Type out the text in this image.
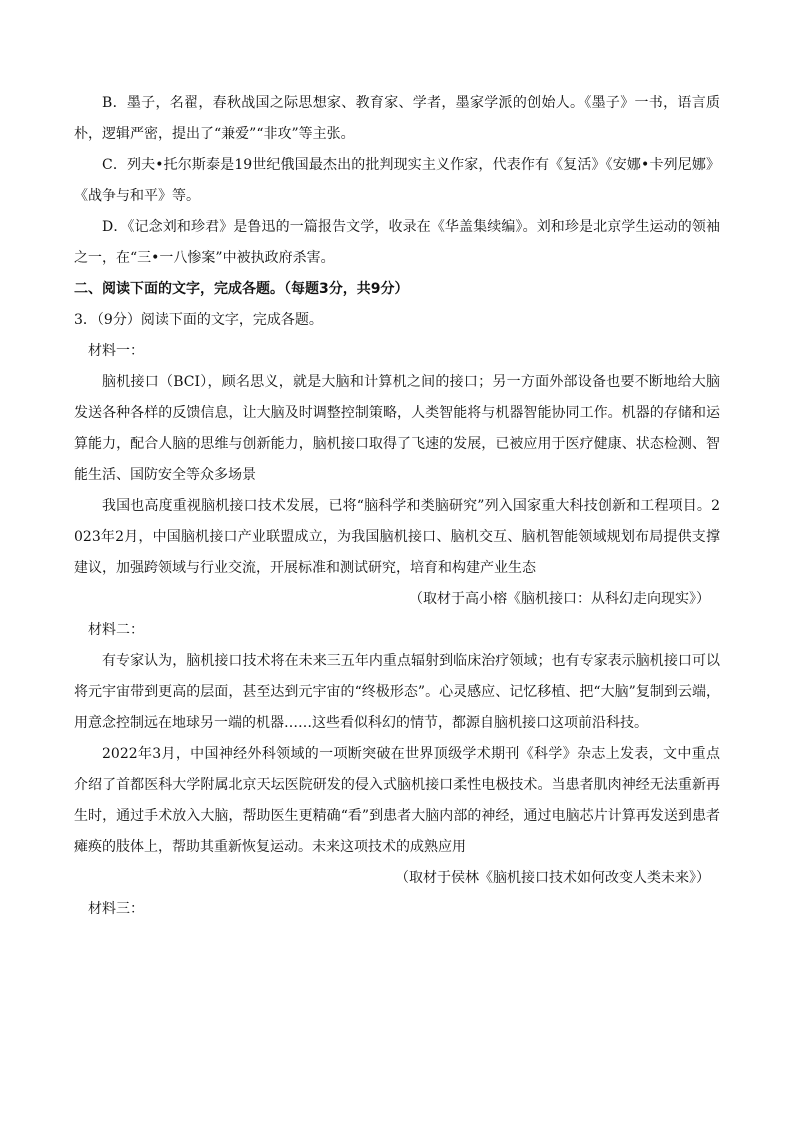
B．墨子，名翟，春秋战国之际思想家、教育家、学者，墨家学派的创始人。《墨子》一书，语言质朴，逻辑严密，提出了“兼爱”“非攻”等主张。

C．列夫•托尔斯泰是19世纪俄国最杰出的批判现实主义作家，代表作有《复活》《安娜•卡列尼娜》《战争与和平》等。

D．《记念刘和珍君》是鲁迅的一篇报告文学，收录在《华盖集续编》。刘和珍是北京学生运动的领袖之一，在“三•一八惨案”中被执政府杀害。

二、阅读下面的文字，完成各题。（每题3分，共9分）

3．（9分）阅读下面的文字，完成各题。

材料一：

脑机接口（BCI），顾名思义，就是大脑和计算机之间的接口；另一方面外部设备也要不断地给大脑发送各种各样的反馈信息，让大脑及时调整控制策略，人类智能将与机器智能协同工作。机器的存储和运算能力，配合人脑的思维与创新能力，脑机接口取得了飞速的发展，已被应用于医疗健康、状态检测、智能生活、国防安全等众多场景

我国也高度重视脑机接口技术发展，已将“脑科学和类脑研究”列入国家重大科技创新和工程项目。2023年2月，中国脑机接口产业联盟成立，为我国脑机接口、脑机交互、脑机智能领域规划布局提供支撑建议，加强跨领域与行业交流，开展标准和测试研究，培育和构建产业生态

（取材于高小榕《脑机接口：从科幻走向现实》）

材料二：

有专家认为，脑机接口技术将在未来三五年内重点辐射到临床治疗领域；也有专家表示脑机接口可以将元宇宙带到更高的层面，甚至达到元宇宙的“终极形态”。心灵感应、记忆移植、把“大脑”复制到云端，用意念控制远在地球另一端的机器……这些看似科幻的情节，都源自脑机接口这项前沿科技。

2022年3月，中国神经外科领域的一项断突破在世界顶级学术期刊《科学》杂志上发表，文中重点介绍了首都医科大学附属北京天坛医院研发的侵入式脑机接口柔性电极技术。当患者肌肉神经无法重新再生时，通过手术放入大脑，帮助医生更精确“看”到患者大脑内部的神经，通过电脑芯片计算再发送到患者瘫痪的肢体上，帮助其重新恢复运动。未来这项技术的成熟应用

（取材于侯林《脑机接口技术如何改变人类未来》）

材料三：
